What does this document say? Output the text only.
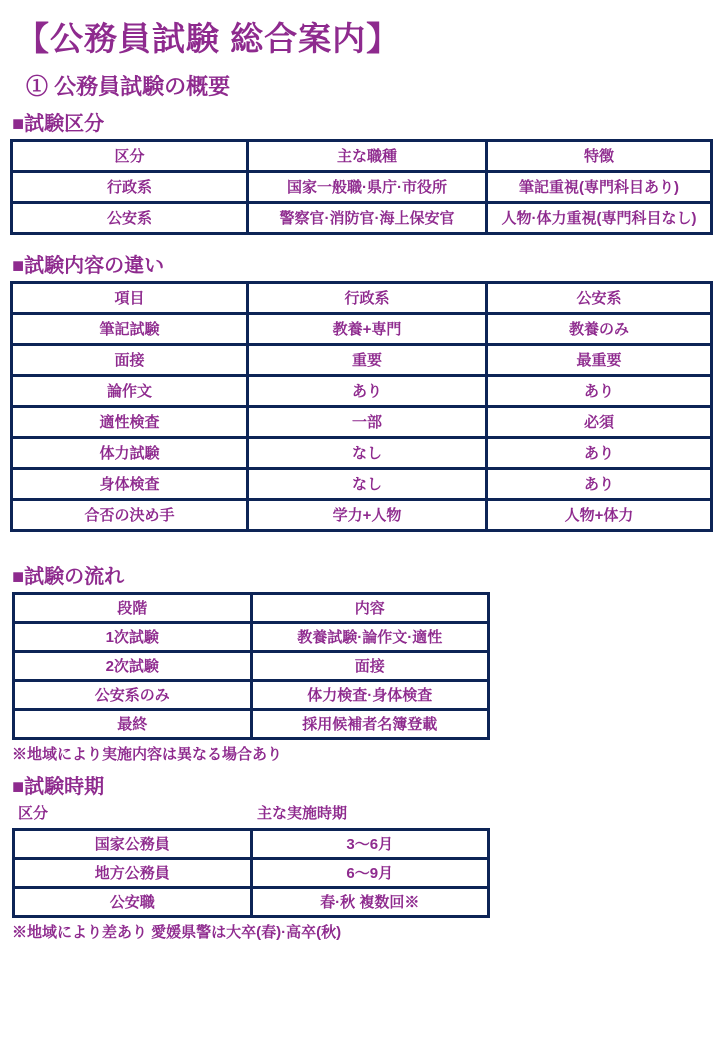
【公務員試験 総合案内】
① 公務員試験の概要
■試験区分
区分	主な職種	特徴
行政系	国家一般職·県庁·市役所	筆記重視(専門科目あり)
公安系	警察官·消防官·海上保安官	人物·体力重視(専門科目なし)
■試験内容の違い
項目	行政系	公安系
筆記試験	教養+専門	教養のみ
面接	重要	最重要
論作文	あり	あり
適性検査	一部	必須
体力試験	なし	あり
身体検査	なし	あり
合否の決め手	学力+人物	人物+体力
■試験の流れ
段階	内容
1次試験	教養試験·論作文·適性
2次試験	面接
公安系のみ	体力検査·身体検査
最終	採用候補者名簿登載
※地域により実施内容は異なる場合あり
■試験時期
区分	主な実施時期
国家公務員	3〜6月
地方公務員	6〜9月
公安職	春·秋 複数回※
※地域により差あり 愛媛県警は大卒(春)·高卒(秋)
